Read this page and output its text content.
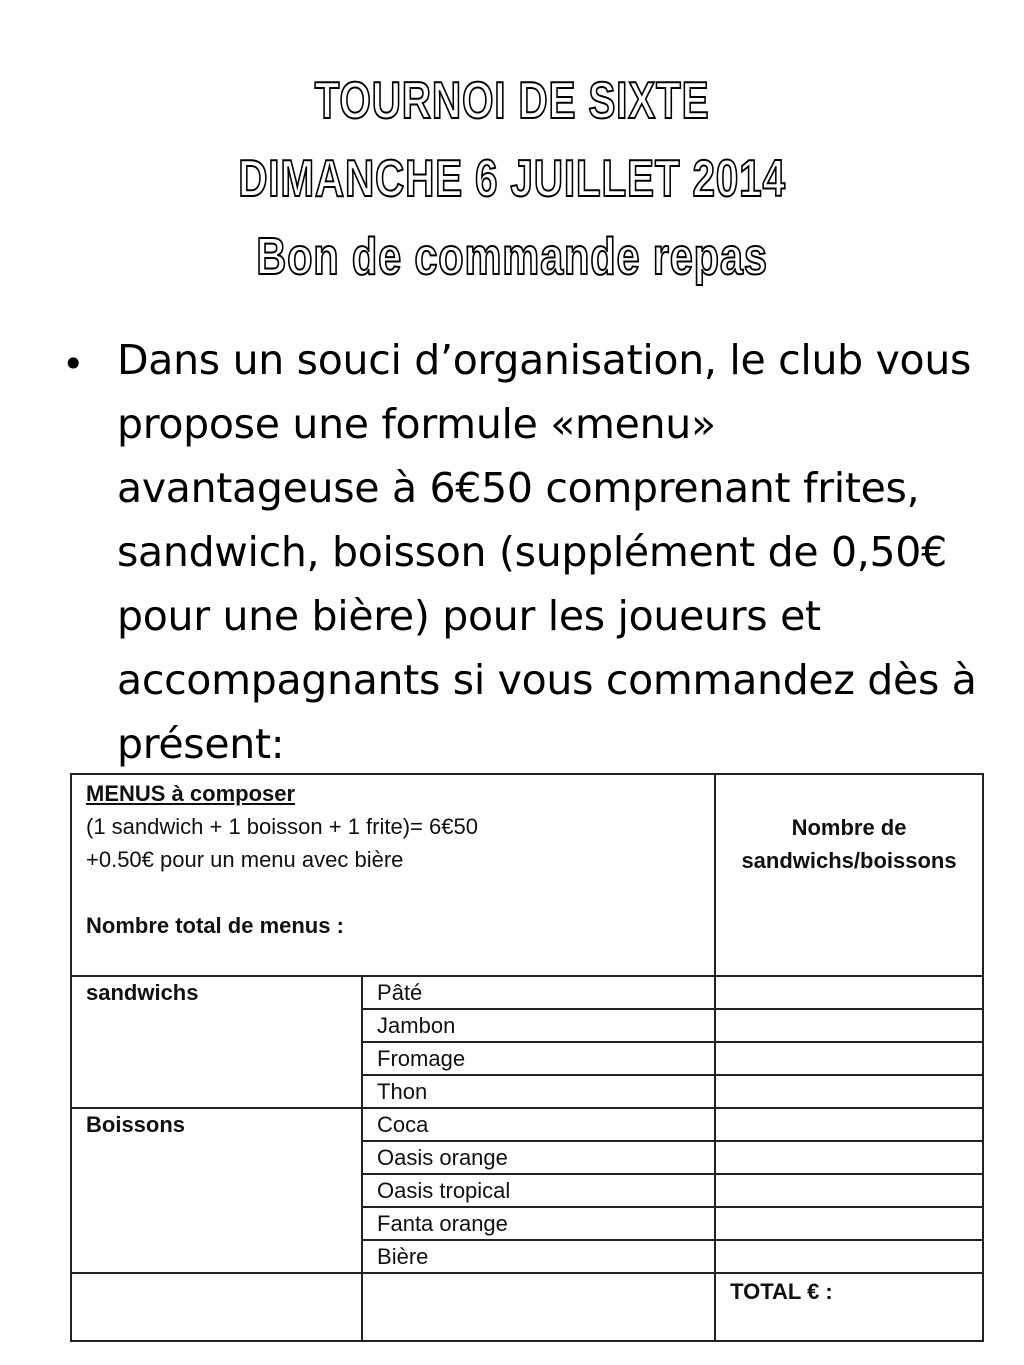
TOURNOI DE SIXTE
DIMANCHE 6 JUILLET 2014
Bon de commande repas
• Dans un souci d’organisation, le club vous propose une formule «menu» avantageuse à 6€50 comprenant frites, sandwich, boisson (supplément de 0,50€ pour une bière) pour les joueurs et accompagnants si vous commandez dès à présent:
MENUS à composer
(1 sandwich + 1 boisson + 1 frite)= 6€50
+0.50€ pour un menu avec bière
Nombre total de menus :		Nombre de
sandwichs/boissons
sandwichs	Pâté	
	Jambon	
	Fromage	
	Thon	
Boissons	Coca	
	Oasis orange	
	Oasis tropical	
	Fanta orange	
	Bière	
		TOTAL € :
